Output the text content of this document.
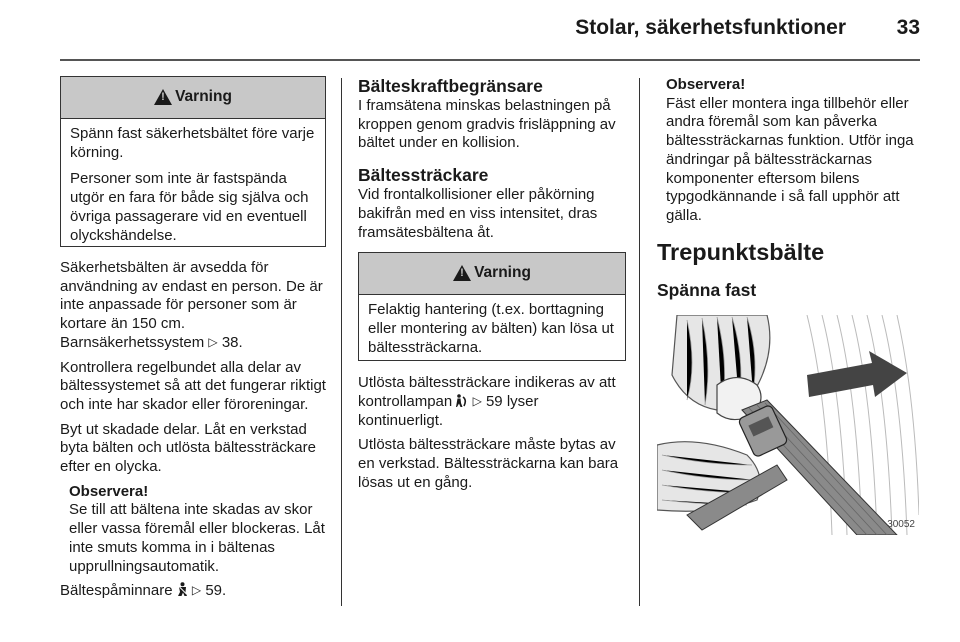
Stolar, säkerhetsfunktioner 33
!
Varning

Spänn fast säkerhetsbältet före varje körning.

Personer som inte är fastspända utgör en fara för både sig själva och övriga passagerare vid en eventuell olyckshändelse.

Säkerhetsbälten är avsedda för användning av endast en person. De är inte anpassade för personer som är kortare än 150 cm. Barnsäkerhetssystem ▷ 38.

Kontrollera regelbundet alla delar av bältessystemet så att det fungerar riktigt och inte har skador eller föroreningar.

Byt ut skadade delar. Låt en verkstad byta bälten och utlösta bältessträckare efter en olycka.

Observera!
Se till att bältena inte skadas av skor eller vassa föremål eller blockeras. Låt inte smuts komma in i bältenas upprullningsautomatik.

Bältespåminnare ▷ 59.

Bälteskraftbegränsare

I framsätena minskas belastningen på kroppen genom gradvis frisläppning av bältet under en kollision.

Bältessträckare

Vid frontalkollisioner eller påkörning bakifrån med en viss intensitet, dras framsätesbältena åt.

!
Varning

Felaktig hantering (t.ex. borttagning eller montering av bälten) kan lösa ut bältessträckarna.

Utlösta bältessträckare indikeras av att kontrollampan ▷ 59 lyser kontinuerligt.

Utlösta bältessträckare måste bytas av en verkstad. Bältessträckarna kan bara lösas ut en gång.

Observera!
Fäst eller montera inga tillbehör eller andra föremål som kan påverka bältessträckarnas funktion. Utför inga ändringar på bältessträckarnas komponenter eftersom bilens typgodkännande i så fall upphör att gälla.
Trepunktsbälte
Spänna fast
30052
